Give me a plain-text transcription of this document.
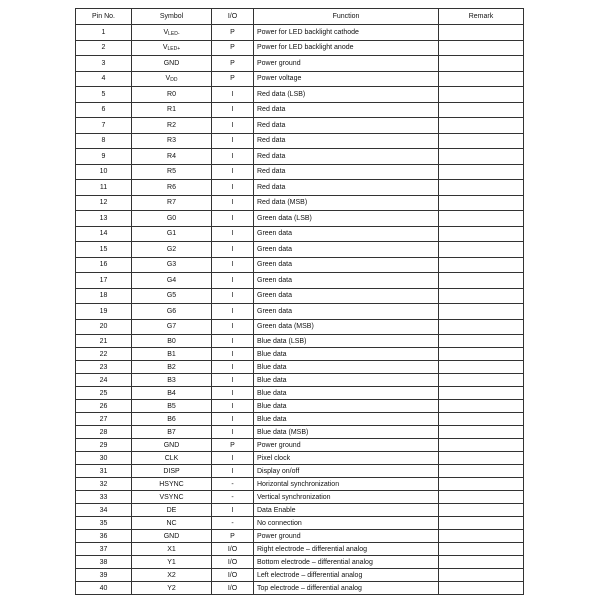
Pin No.	Symbol	I/O	Function	Remark
1	$V_{LED-}$	P	Power for LED backlight cathode	
2	$V_{LED+}$	P	Power for LED backlight anode	
3	GND	P	Power ground	
4	$V_{DD}$	P	Power voltage	
5	R0	I	Red data (LSB)	
6	R1	I	Red data	
7	R2	I	Red data	
8	R3	I	Red data	
9	R4	I	Red data	
10	R5	I	Red data	
11	R6	I	Red data	
12	R7	I	Red data (MSB)	
13	G0	I	Green data (LSB)	
14	G1	I	Green data	
15	G2	I	Green data	
16	G3	I	Green data	
17	G4	I	Green data	
18	G5	I	Green data	
19	G6	I	Green data	
20	G7	I	Green data (MSB)	
21	B0	I	Blue data (LSB)	
22	B1	I	Blue data	
23	B2	I	Blue data	
24	B3	I	Blue data	
25	B4	I	Blue data	
26	B5	I	Blue data	
27	B6	I	Blue data	
28	B7	I	Blue data (MSB)	
29	GND	P	Power ground	
30	CLK	I	Pixel clock	
31	DISP	I	Display on/off	
32	HSYNC	-	Horizontal synchronization	
33	VSYNC	-	Vertical synchronization	
34	DE	I	Data Enable	
35	NC	-	No connection	
36	GND	P	Power ground	
37	X1	I/O	Right electrode – differential analog	
38	Y1	I/O	Bottom electrode – differential analog	
39	X2	I/O	Left electrode – differential analog	
40	Y2	I/O	Top electrode – differential analog	
